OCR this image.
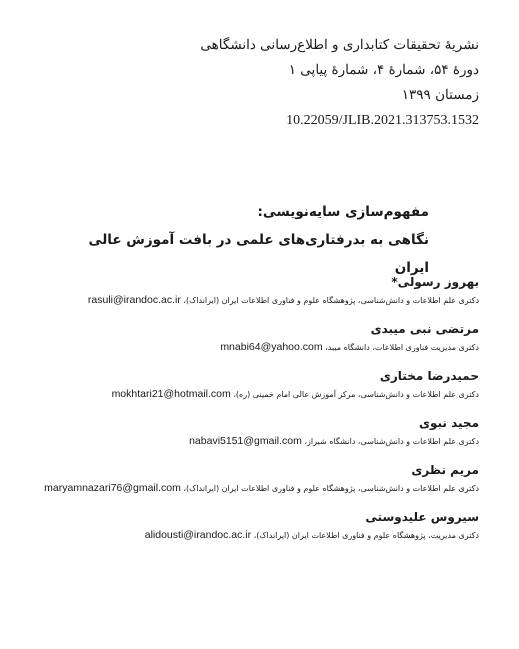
نشریهٔ تحقیقات کتابداری و اطلاع‌رسانی دانشگاهی
دورهٔ ۵۴، شمارهٔ ۴، شمارهٔ پیاپی ۱
زمستان ۱۳۹۹
10.22059/JLIB.2021.313753.1532
مفهوم‌سازی سایه‌نویسی:
نگاهی به بدرفتاری‌های علمی در بافت آموزش عالی ایران
بهروز رسولی*
دکتری علم اطلاعات و دانش‌شناسی، پژوهشگاه علوم و فناوری اطلاعات ایران (ایرانداک)، rasuli@irandoc.ac.ir
مرتضی نبی میبدی
دکتری مدیریت فناوری اطلاعات، دانشگاه میبد، mnabi64@yahoo.com
حمیدرضا مختاری
دکتری علم اطلاعات و دانش‌شناسی، مرکز آموزش عالی امام خمینی (ره)، mokhtari21@hotmail.com
مجید نبوی
دکتری علم اطلاعات و دانش‌شناسی، دانشگاه شیراز، nabavi5151@gmail.com
مریم نظری
دکتری علم اطلاعات و دانش‌شناسی، پژوهشگاه علوم و فناوری اطلاعات ایران (ایرانداک)، maryamnazari76@gmail.com
سیروس علیدوستی
دکتری مدیریت، پژوهشگاه علوم و فناوری اطلاعات ایران (ایرانداک)، alidousti@irandoc.ac.ir
